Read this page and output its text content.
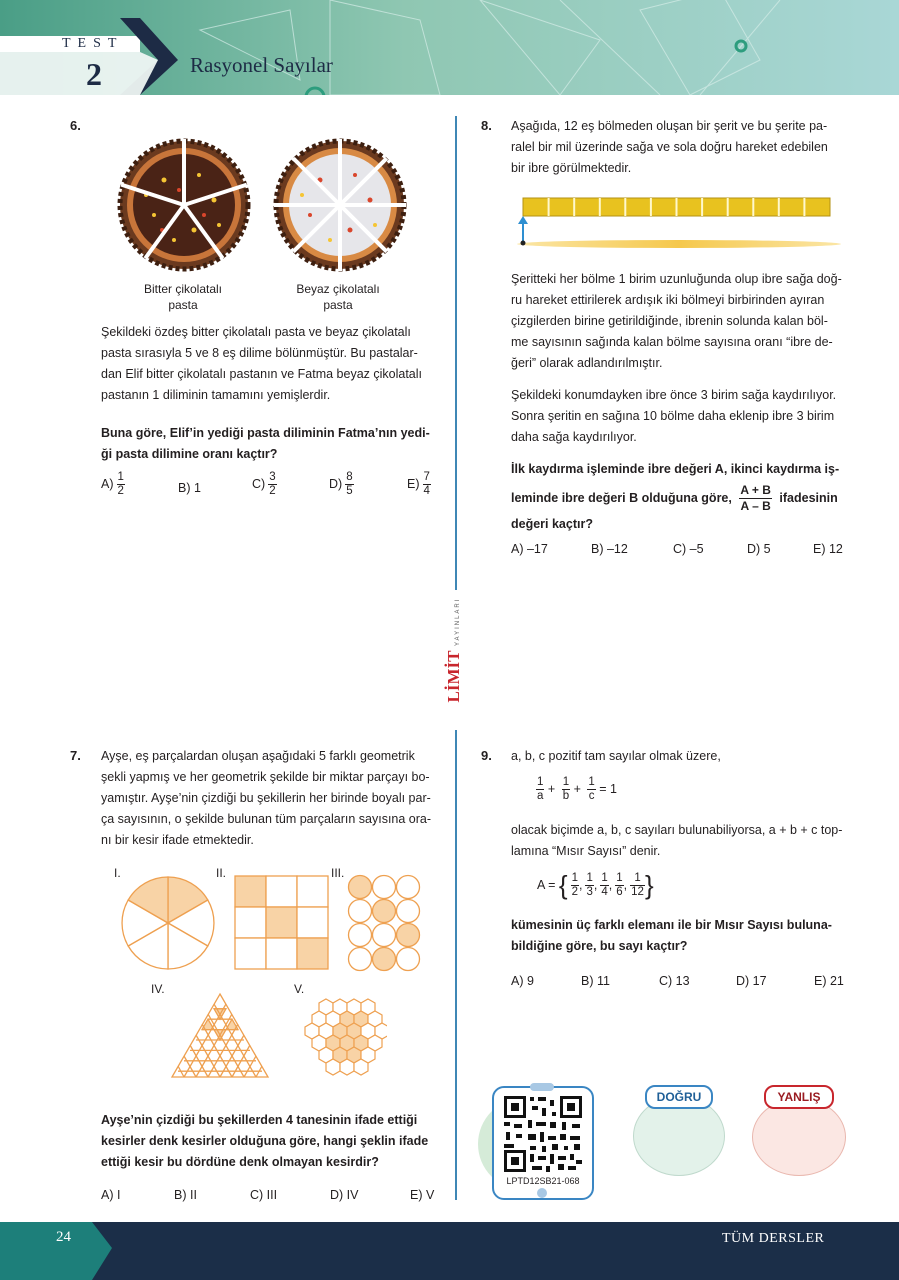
TEST
2	Rasyonel Sayılar
6.
Bitter çikolatalı
pasta
Beyaz çikolatalı
pasta
Şekildeki özdeş bitter çikolatalı pasta ve beyaz çikolatalı
pasta sırasıyla 5 ve 8 eş dilime bölünmüştür. Bu pastalar-
dan Elif bitter çikolatalı pastanın ve Fatma beyaz çikolatalı
pastanın 1 diliminin tamamını yemişlerdir.
Buna göre, Elif’in yediği pasta diliminin Fatma’nın yedi-
ği pasta dilimine oranı kaçtır?
$A) \frac{1}{2}$	B) 1	$C) \frac{3}{2}$	$D) \frac{8}{5}$	$E) \frac{7}{4}$
LİMİT YAYINLARI
8. Aşağıda, 12 eş bölmeden oluşan bir şerit ve bu şerite pa-
ralel bir mil üzerinde sağa ve sola doğru hareket edebilen
bir ibre görülmektedir.
Şeritteki her bölme 1 birim uzunluğunda olup ibre sağa doğ-
ru hareket ettirilerek ardışık iki bölmeyi birbirinden ayıran
çizgilerden birine getirildiğinde, ibrenin solunda kalan böl-
me sayısının sağında kalan bölme sayısına oranı “ibre de-
ğeri” olarak adlandırılmıştır.
Şekildeki konumdayken ibre önce 3 birim sağa kaydırılıyor.
Sonra şeritin en sağına 10 bölme daha eklenip ibre 3 birim
daha sağa kaydırılıyor.
İlk kaydırma işleminde ibre değeri A, ikinci kaydırma iş-
leminde ibre değeri B olduğuna göre, $\frac{A + B}{A - B}$ ifadesinin
değeri kaçtır?
A) –17	B) –12	C) –5	D) 5	E) 12
7. Ayşe, eş parçalardan oluşan aşağıdaki 5 farklı geometrik
şekli yapmış ve her geometrik şekilde bir miktar parçayı bo-
yamıştır. Ayşe’nin çizdiği bu şekillerin her birinde boyalı par-
ça sayısının, o şekilde bulunan tüm parçaların sayısına ora-
nı bir kesir ifade etmektedir.
I.	II.	III.
IV.	V.
Ayşe’nin çizdiği bu şekillerden 4 tanesinin ifade ettiği
kesirler denk kesirler olduğuna göre, hangi şeklin ifade
ettiği kesir bu dördüne denk olmayan kesirdir?
A) I	B) II	C) III	D) IV	E) V
9. a, b, c pozitif tam sayılar olmak üzere,
$\frac{1}{a} + \frac{1}{b} + \frac{1}{c} = 1$
olacak biçimde a, b, c sayıları bulunabiliyorsa, a + b + c top-
lamına “Mısır Sayısı” denir.
A = { $\frac{1}{2}$ , $\frac{1}{3}$ , $\frac{1}{4}$ , $\frac{1}{6}$ , $\frac{1}{12}$ }
kümesinin üç farklı elemanı ile bir Mısır Sayısı buluna-
bildiğine göre, bu sayı kaçtır?
A) 9	B) 11	C) 13	D) 17	E) 21
LPTD12SB21-068
DOĞRU	YANLIŞ
24	TÜM DERSLER
